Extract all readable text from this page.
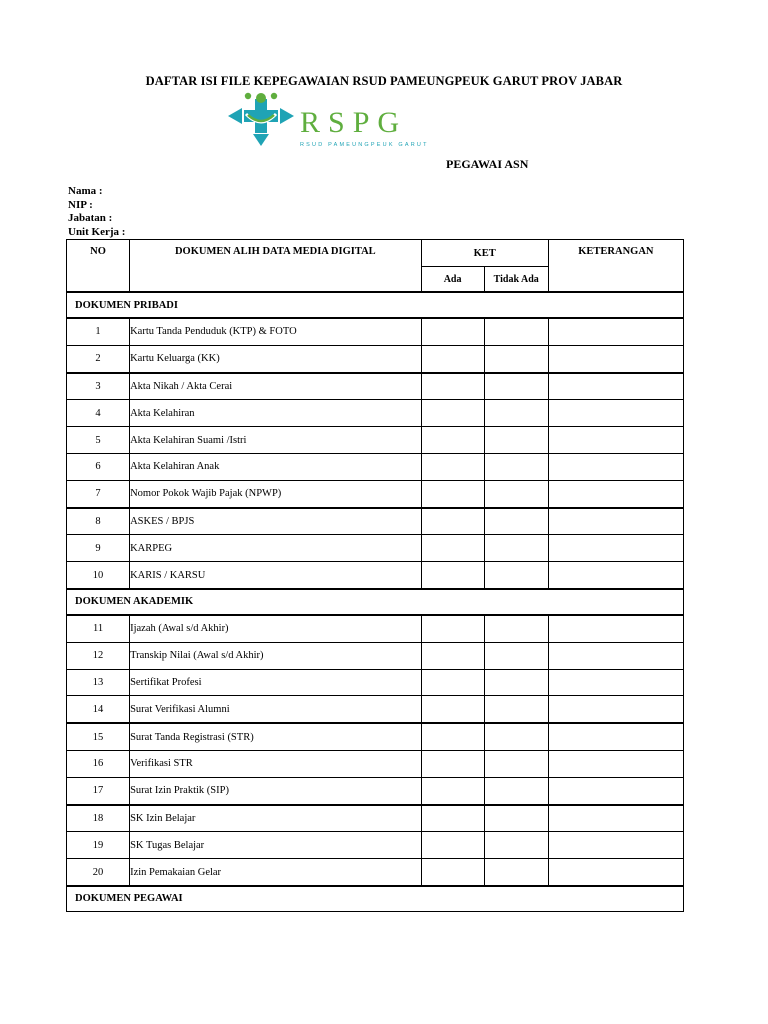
DAFTAR ISI FILE KEPEGAWAIAN RSUD PAMEUNGPEUK GARUT PROV JABAR
RSPG
RSUD PAMEUNGPEUK GARUT
PEGAWAI ASN
Nama :
NIP :
Jabatan :
Unit Kerja :
NO	DOKUMEN ALIH DATA MEDIA DIGITAL	KET		KETERANGAN
		Ada	Tidak Ada	
DOKUMEN PRIBADI				
1	Kartu Tanda Penduduk (KTP) & FOTO			
2	Kartu Keluarga (KK)			
3	Akta Nikah / Akta Cerai			
4	Akta Kelahiran			
5	Akta Kelahiran Suami /Istri			
6	Akta Kelahiran Anak			
7	Nomor Pokok Wajib Pajak (NPWP)			
8	ASKES / BPJS			
9	KARPEG			
10	KARIS / KARSU			
DOKUMEN AKADEMIK				
11	Ijazah (Awal s/d Akhir)			
12	Transkip Nilai (Awal s/d Akhir)			
13	Sertifikat Profesi			
14	Surat Verifikasi Alumni			
15	Surat Tanda Registrasi (STR)			
16	Verifikasi STR			
17	Surat Izin Praktik (SIP)			
18	SK Izin Belajar			
19	SK Tugas Belajar			
20	Izin Pemakaian Gelar			
DOKUMEN PEGAWAI				
